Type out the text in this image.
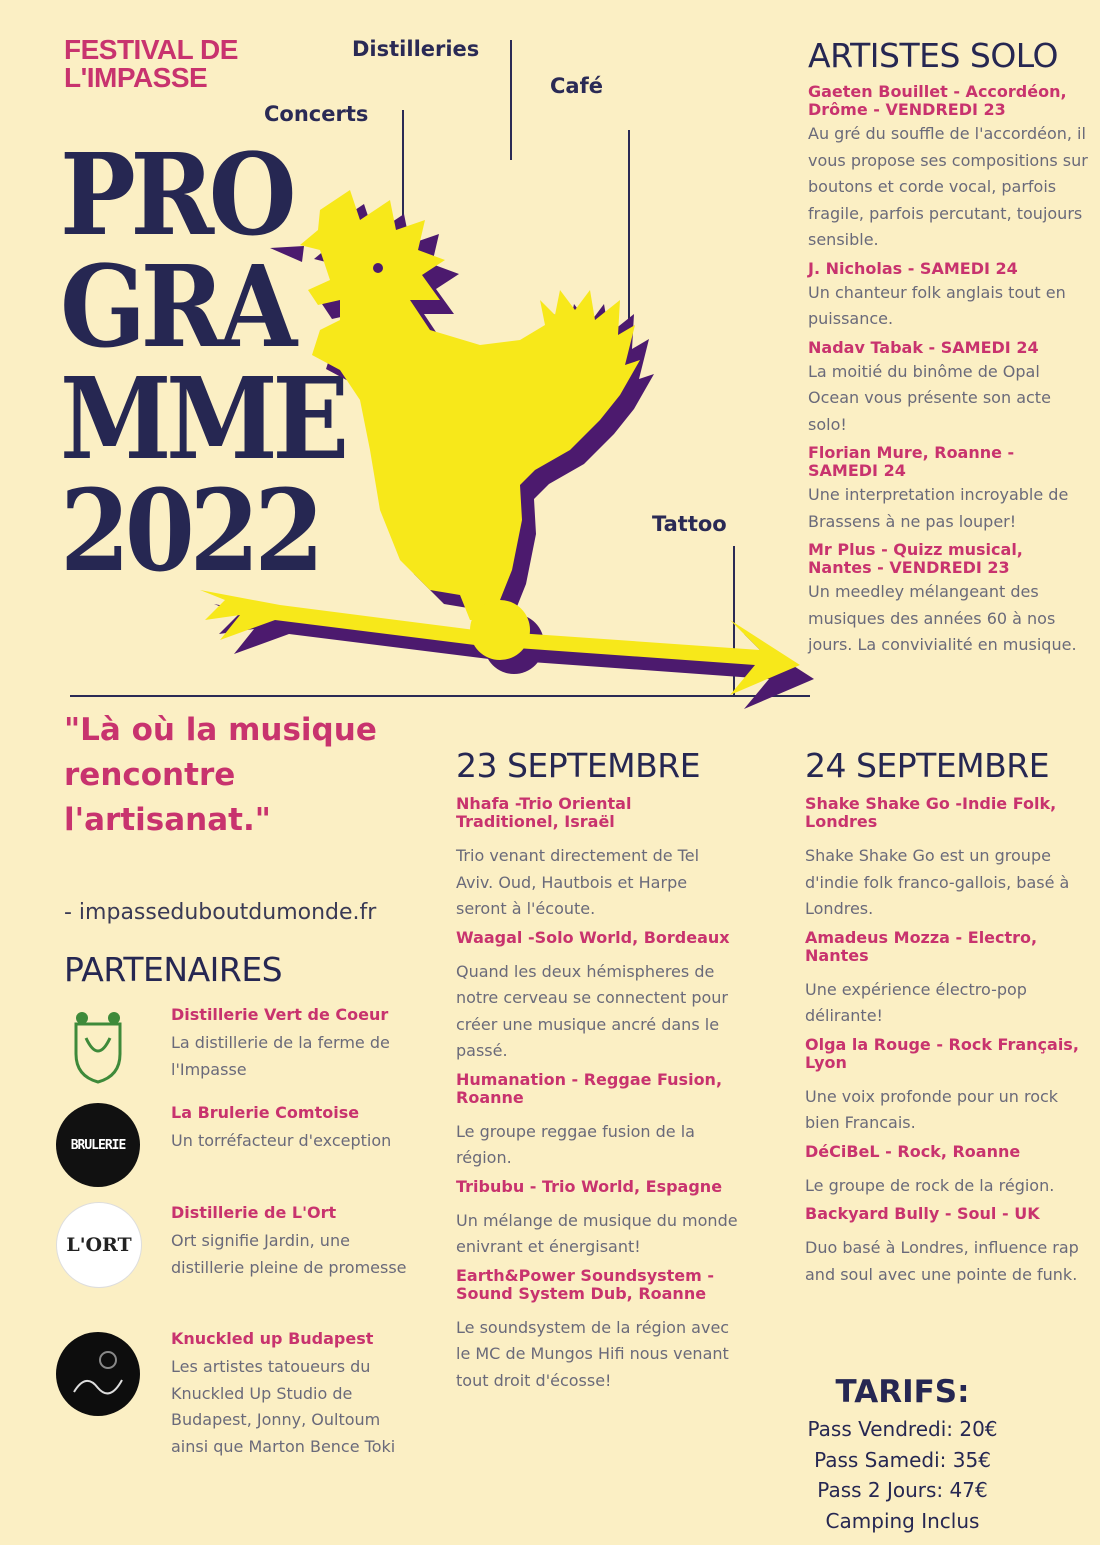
FESTIVAL DE
L'IMPASSE
PRO
GRA
MME
2022
Distilleries
Café
Concerts
Tattoo
"Là où la musique rencontre l'artisanat."
- impasseduboutdumonde.fr
PARTENAIRES
Distillerie Vert de Coeur
La distillerie de la ferme de l'Impasse
BRULERIE
La Brulerie Comtoise
Un torréfacteur d'exception
L'ORT
Distillerie de L'Ort
Ort signifie Jardin, une distillerie pleine de promesse
Knuckled up Budapest
Les artistes tatoueurs du Knuckled Up Studio de Budapest, Jonny, Oultoum ainsi que Marton Bence Toki
ARTISTES SOLO
Gaeten Bouillet - Accordéon, Drôme - VENDREDI 23
Au gré du souffle de l'accordéon, il vous propose ses compositions sur boutons et corde vocal, parfois fragile, parfois percutant, toujours sensible.
J. Nicholas - SAMEDI 24
Un chanteur folk anglais tout en puissance.
Nadav Tabak - SAMEDI 24
La moitié du binôme de Opal Ocean vous présente son acte solo!
Florian Mure, Roanne - SAMEDI 24
Une interpretation incroyable de Brassens à ne pas louper!
Mr Plus - Quizz musical, Nantes - VENDREDI 23
Un meedley mélangeant des musiques des années 60 à nos jours. La convivialité en musique.
23 SEPTEMBRE
Nhafa -Trio Oriental Traditionel, Israël
Trio venant directement de Tel Aviv. Oud, Hautbois et Harpe seront à l'écoute.
Waagal -Solo World, Bordeaux
Quand les deux hémispheres de notre cerveau se connectent pour créer une musique ancré dans le passé.
Humanation - Reggae Fusion, Roanne
Le groupe reggae fusion de la région.
Tribubu - Trio World, Espagne
Un mélange de musique du monde enivrant et énergisant!
Earth&Power Soundsystem - Sound System Dub, Roanne
Le soundsystem de la région avec le MC de Mungos Hifi nous venant tout droit d'écosse!
24 SEPTEMBRE
Shake Shake Go -Indie Folk, Londres
Shake Shake Go est un groupe d'indie folk franco-gallois, basé à Londres.
Amadeus Mozza - Electro, Nantes
Une expérience électro-pop délirante!
Olga la Rouge - Rock Français, Lyon
Une voix profonde pour un rock bien Francais.
DéCiBeL - Rock, Roanne
Le groupe de rock de la région.
Backyard Bully - Soul - UK
Duo basé à Londres, influence rap and soul avec une pointe de funk.
TARIFS:
Pass Vendredi: 20€
Pass Samedi: 35€
Pass 2 Jours: 47€
Camping Inclus
